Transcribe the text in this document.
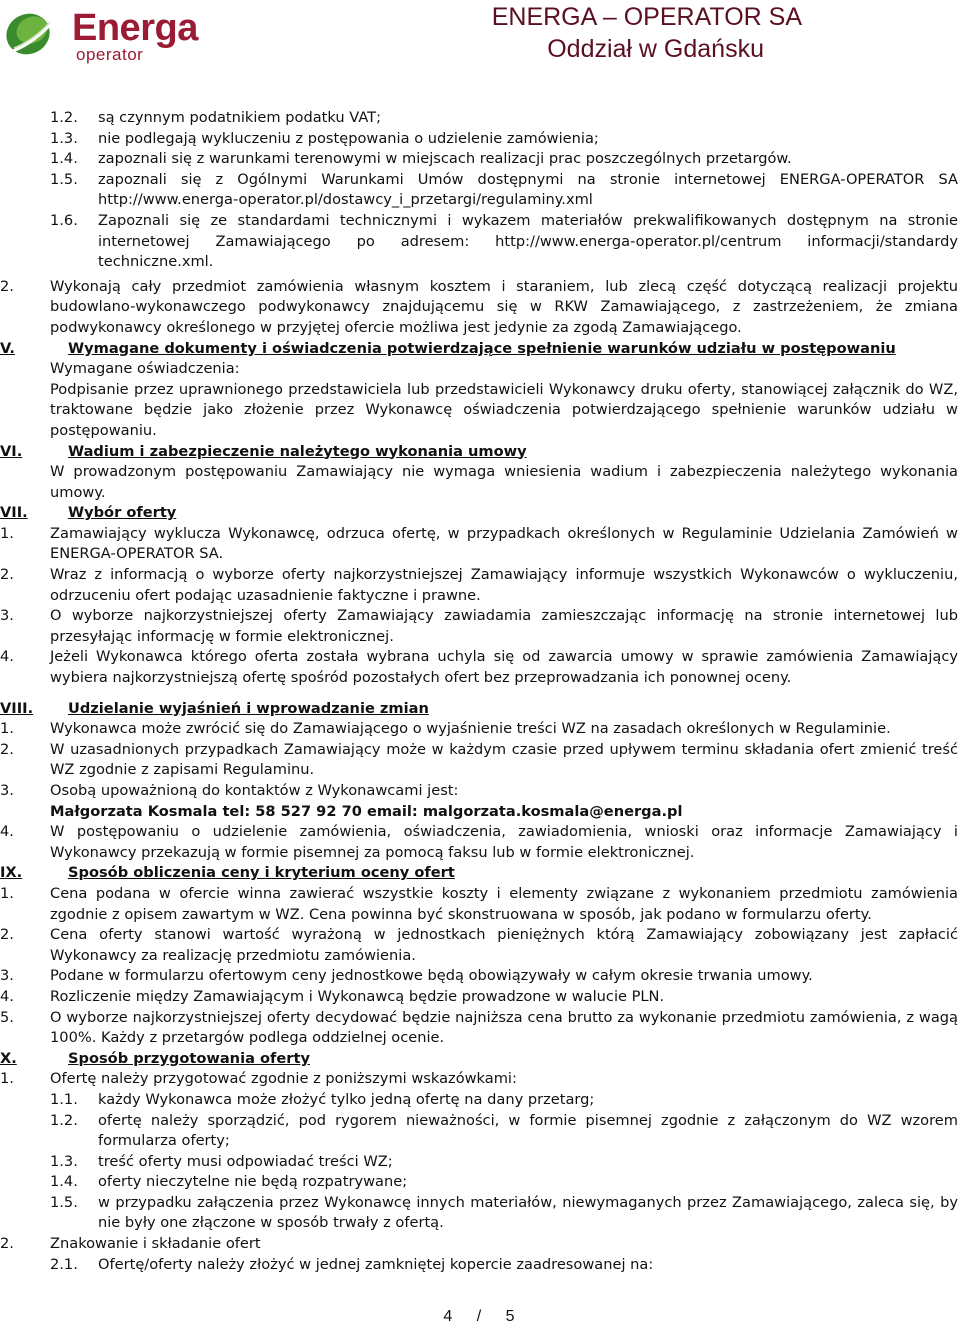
Energa
operator
ENERGA – OPERATOR SA
Oddział w Gdańsku
1.2.	są czynnym podatnikiem podatku VAT;
1.3.	nie podlegają wykluczeniu z postępowania o udzielenie zamówienia;
1.4.	zapoznali się z warunkami terenowymi w miejscach realizacji prac poszczególnych przetargów.
1.5.	zapoznali się z Ogólnymi Warunkami Umów dostępnymi na stronie internetowej ENERGA-OPERATOR SA http://www.energa-operator.pl/dostawcy_i_przetargi/regulaminy.xml
1.6.	Zapoznali się ze standardami technicznymi i wykazem materiałów prekwalifikowanych dostępnym na stronie internetowej Zamawiającego po adresem: http://www.energa-operator.pl/centrum informacji/standardy techniczne.xml.
2.	Wykonają cały przedmiot zamówienia własnym kosztem i staraniem, lub zlecą część dotyczącą realizacji projektu budowlano-wykonawczego podwykonawcy znajdującemu się w RKW Zamawiającego, z zastrzeżeniem, że zmiana podwykonawcy określonego w przyjętej ofercie możliwa jest jedynie za zgodą Zamawiającego.
V.	Wymagane dokumenty i oświadczenia potwierdzające spełnienie warunków udziału w postępowaniu
Wymagane oświadczenia:
Podpisanie przez uprawnionego przedstawiciela lub przedstawicieli Wykonawcy druku oferty, stanowiącej załącznik do WZ, traktowane będzie jako złożenie przez Wykonawcę oświadczenia potwierdzającego spełnienie warunków udziału w postępowaniu.
VI.	Wadium i zabezpieczenie należytego wykonania umowy
W prowadzonym postępowaniu Zamawiający nie wymaga wniesienia wadium i zabezpieczenia należytego wykonania umowy.
VII.	Wybór oferty
1.	Zamawiający wyklucza Wykonawcę, odrzuca ofertę, w przypadkach określonych w Regulaminie Udzielania Zamówień w ENERGA-OPERATOR SA.
2.	Wraz z informacją o wyborze oferty najkorzystniejszej Zamawiający informuje wszystkich Wykonawców o wykluczeniu, odrzuceniu ofert podając uzasadnienie faktyczne i prawne.
3.	O wyborze najkorzystniejszej oferty Zamawiający zawiadamia zamieszczając informację na stronie internetowej lub przesyłając informację w formie elektronicznej.
4.	Jeżeli Wykonawca którego oferta została wybrana uchyla się od zawarcia umowy w sprawie zamówienia Zamawiający wybiera najkorzystniejszą ofertę spośród pozostałych ofert bez przeprowadzania ich ponownej oceny.
VIII.	Udzielanie wyjaśnień i wprowadzanie zmian
1.	Wykonawca może zwrócić się do Zamawiającego o wyjaśnienie treści WZ na zasadach określonych w Regulaminie.
2.	W uzasadnionych przypadkach Zamawiający może w każdym czasie przed upływem terminu składania ofert zmienić treść WZ zgodnie z zapisami Regulaminu.
3.	Osobą upoważnioną do kontaktów z Wykonawcami jest:
Małgorzata Kosmala tel: 58 527 92 70 email: malgorzata.kosmala@energa.pl
4.	W postępowaniu o udzielenie zamówienia, oświadczenia, zawiadomienia, wnioski oraz informacje Zamawiający i Wykonawcy przekazują w formie pisemnej za pomocą faksu lub w formie elektronicznej.
IX.	Sposób obliczenia ceny i kryterium oceny ofert
1.	Cena podana w ofercie winna zawierać wszystkie koszty i elementy związane z wykonaniem przedmiotu zamówienia zgodnie z opisem zawartym w WZ. Cena powinna być skonstruowana w sposób, jak podano w formularzu oferty.
2.	Cena oferty stanowi wartość wyrażoną w jednostkach pieniężnych którą Zamawiający zobowiązany jest zapłacić Wykonawcy za realizację przedmiotu zamówienia.
3.	Podane w formularzu ofertowym ceny jednostkowe będą obowiązywały w całym okresie trwania umowy.
4.	Rozliczenie między Zamawiającym i Wykonawcą będzie prowadzone w walucie PLN.
5.	O wyborze najkorzystniejszej oferty decydować będzie najniższa cena brutto za wykonanie przedmiotu zamówienia, z wagą 100%. Każdy z przetargów podlega oddzielnej ocenie.
X.	Sposób przygotowania oferty
1.	Ofertę należy przygotować zgodnie z poniższymi wskazówkami:
1.1.	każdy Wykonawca może złożyć tylko jedną ofertę na dany przetarg;
1.2.	ofertę należy sporządzić, pod rygorem nieważności, w formie pisemnej zgodnie z załączonym do WZ wzorem formularza oferty;
1.3.	treść oferty musi odpowiadać treści WZ;
1.4.	oferty nieczytelne nie będą rozpatrywane;
1.5.	w przypadku załączenia przez Wykonawcę innych materiałów, niewymaganych przez Zamawiającego, zaleca się, by nie były one złączone w sposób trwały z ofertą.
2.	Znakowanie i składanie ofert
2.1.	Ofertę/oferty należy złożyć w jednej zamkniętej kopercie zaadresowanej na:
4 / 5
